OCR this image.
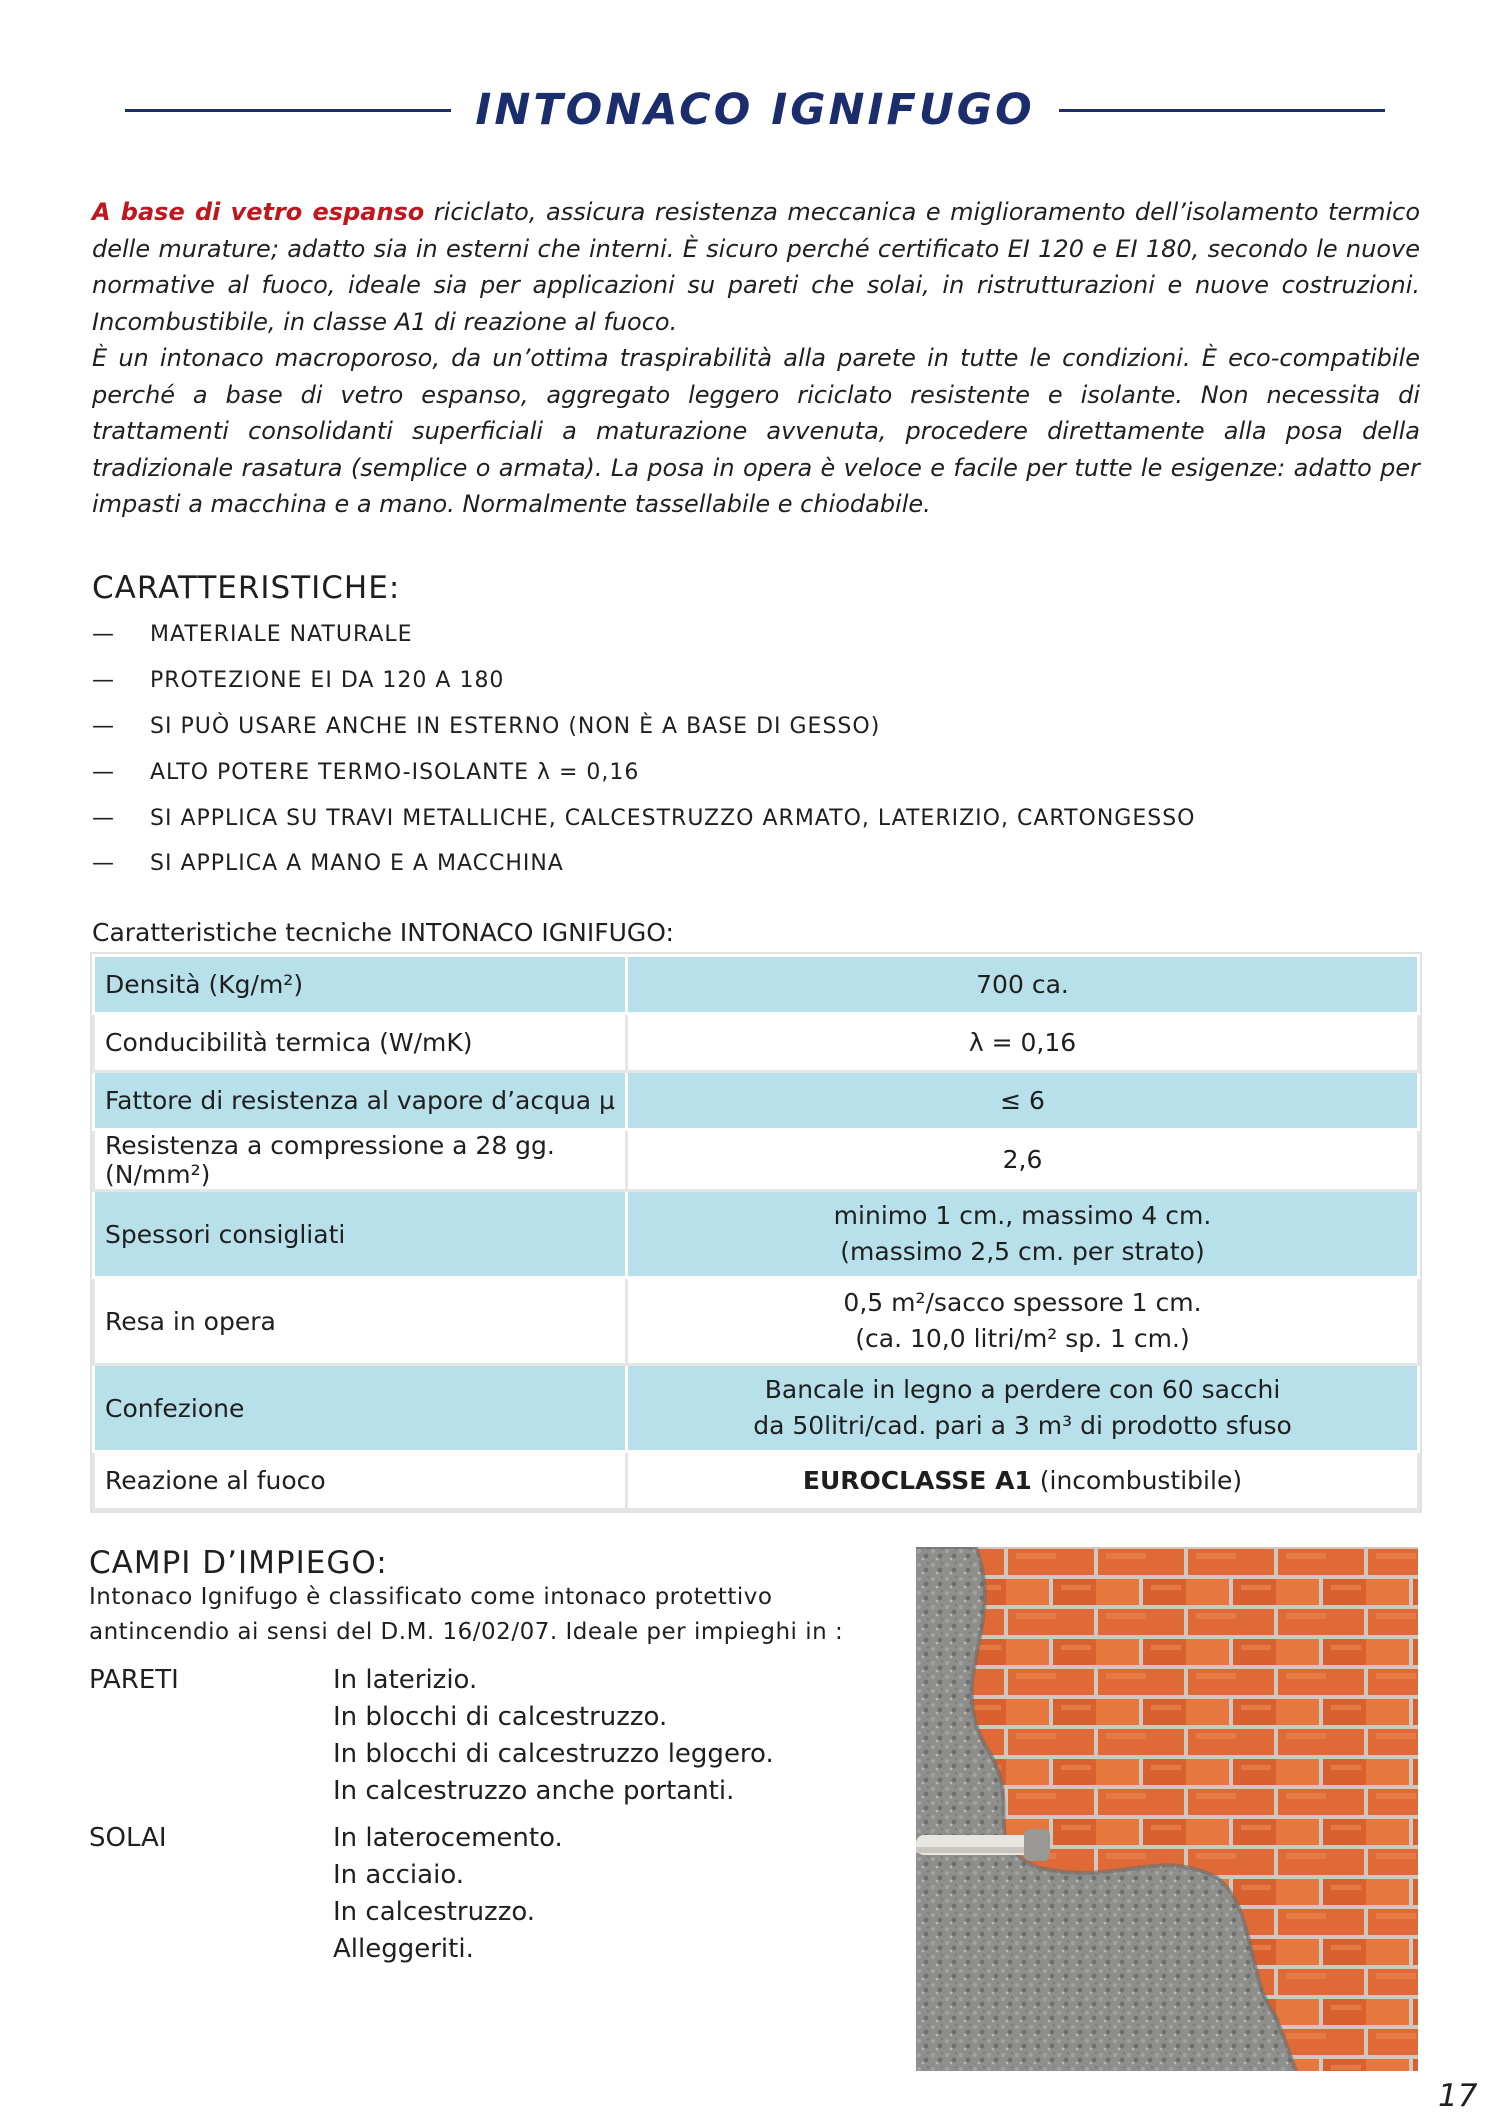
INTONACO IGNIFUGO

A base di vetro espanso riciclato, assicura resistenza meccanica e miglioramento dell’isolamento termico delle murature; adatto sia in esterni che interni. È sicuro perché certificato EI 120 e EI 180, secondo le nuove normative al fuoco, ideale sia per applicazioni su pareti che solai, in ristrutturazioni e nuove costruzioni. Incombustibile, in classe A1 di reazione al fuoco.

È un intonaco macroporoso, da un’ottima traspirabilità alla parete in tutte le condizioni. È eco-compatibile perché a base di vetro espanso, aggregato leggero riciclato resistente e isolante. Non necessita di trattamenti consolidanti superficiali a maturazione avvenuta, procedere direttamente alla posa della tradizionale rasatura (semplice o armata). La posa in opera è veloce e facile per tutte le esigenze: adatto per impasti a macchina e a mano. Normalmente tassellabile e chiodabile.

CARATTERISTICHE:
—	MATERIALE NATURALE
—	PROTEZIONE EI DA 120 A 180
—	SI PUÒ USARE ANCHE IN ESTERNO (NON È A BASE DI GESSO)
—	ALTO POTERE TERMO-ISOLANTE λ = 0,16
—	SI APPLICA SU TRAVI METALLICHE, CALCESTRUZZO ARMATO, LATERIZIO, CARTONGESSO
—	SI APPLICA A MANO E A MACCHINA

Caratteristiche tecniche INTONACO IGNIFUGO:

Densità (Kg/m²)	700 ca.
Conducibilità termica (W/mK)	λ = 0,16
Fattore di resistenza al vapore d’acqua µ	≤ 6
Resistenza a compressione a 28 gg. (N/mm²)	2,6
Spessori consigliati	minimo 1 cm., massimo 4 cm.
(massimo 2,5 cm. per strato)

Resa in opera	0,5 m²/sacco spessore 1 cm.
(ca. 10,0 litri/m² sp. 1 cm.)

Confezione	Bancale in legno a perdere con 60 sacchi
da 50litri/cad. pari a 3 m³ di prodotto sfuso

Reazione al fuoco	EUROCLASSE A1 (incombustibile)
CAMPI D’IMPIEGO:

Intonaco Ignifugo è classificato come intonaco protettivo antincendio ai sensi del D.M. 16/02/07. Ideale per impieghi in :

PARETI	In laterizio.
In blocchi di calcestruzzo.
In blocchi di calcestruzzo leggero.
In calcestruzzo anche portanti.
SOLAI	In laterocemento.
In acciaio.
In calcestruzzo.
Alleggeriti.
17
